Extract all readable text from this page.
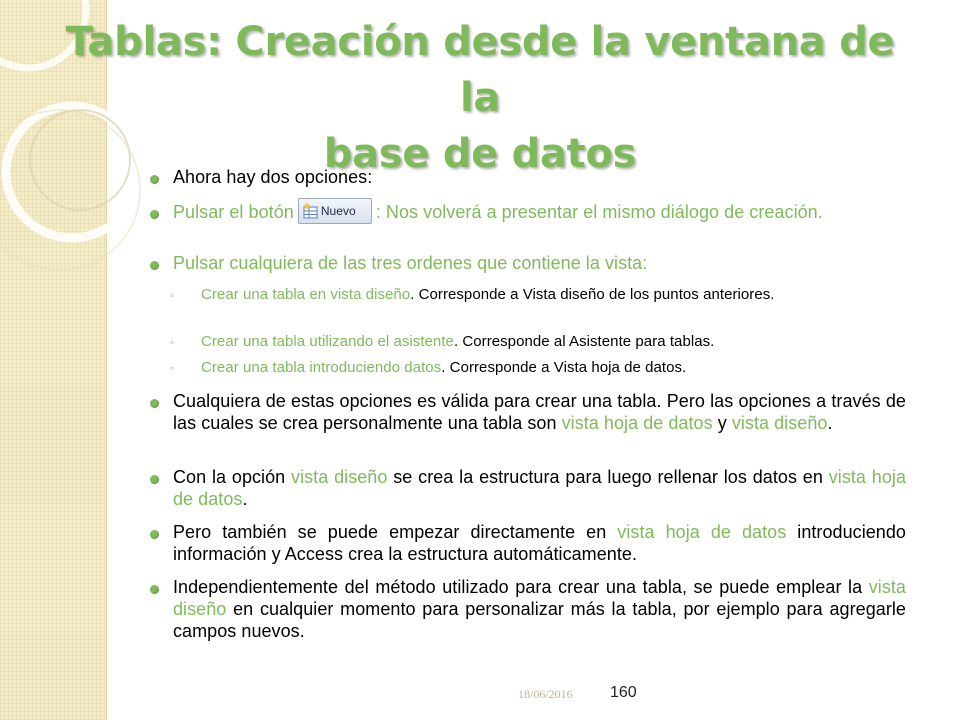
Tablas: Creación desde la ventana de la
base de datos
Ahora hay dos opciones:
Pulsar el botón Nuevo : Nos volverá a presentar el mismo diálogo de creación.
Pulsar cualquiera de las tres ordenes que contiene la vista:
◦ Crear una tabla en vista diseño. Corresponde a Vista diseño de los puntos anteriores.
◦ Crear una tabla utilizando el asistente. Corresponde al Asistente para tablas.
◦ Crear una tabla introduciendo datos. Corresponde a Vista hoja de datos.
Cualquiera de estas opciones es válida para crear una tabla. Pero las opciones a través de las cuales se crea personalmente una tabla son vista hoja de datos y vista diseño.
Con la opción vista diseño se crea la estructura para luego rellenar los datos en vista hoja de datos.
Pero también se puede empezar directamente en vista hoja de datos introduciendo información y Access crea la estructura automáticamente.
Independientemente del método utilizado para crear una tabla, se puede emplear la vista diseño en cualquier momento para personalizar más la tabla, por ejemplo para agregarle campos nuevos.
18/06/2016 160
